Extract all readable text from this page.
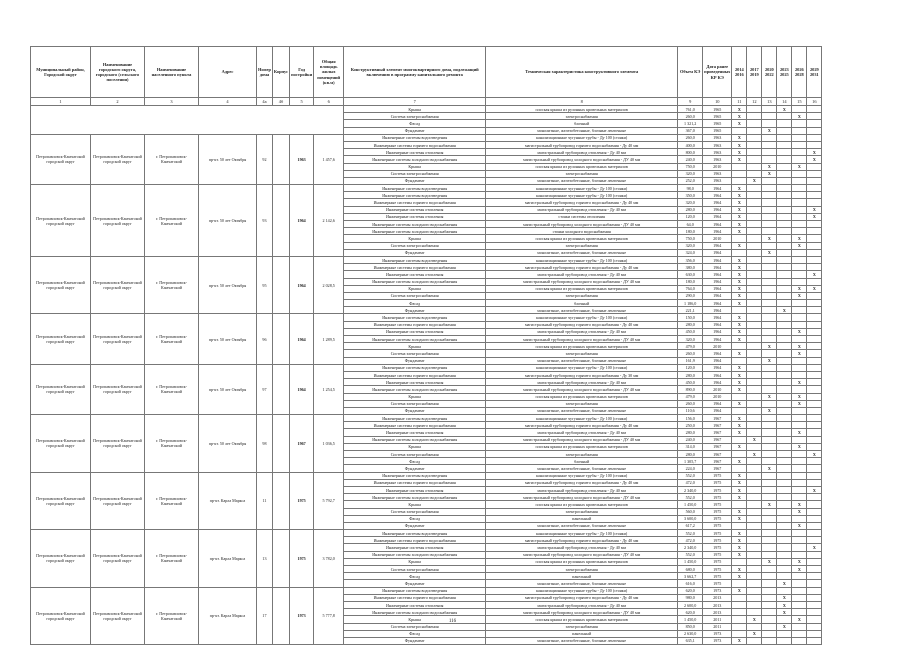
Муниципальный район, Городской округ	Наименование городского округа, городского (сельского поселения)	Наименование населенного пункта	Адрес	Номер дома	Корпус	Год постройки	Общая площадь жилых помещений (кв.м)	Конструктивный элемент многоквартирного дома, подлежащий включению в программу капитального ремонта	Техническая характеристика конструктивного элемента	Объем КЭ	Дата ранее проведенных КР КЭ	2014 2016	2017 2019	2020 2022	2023 2025	2026 2028	2029 2031
1	2	3	4	4а	4б	5	6	7	8	9	10	11	12	13	14	15	16
								Крыша	плоская крыша из рулонных кровельных материалов	761,0	1965	X			X		
								Система электроснабжения	электроснабжения	260,0	1965	X				X	
								Фасад	блочный	1 321,2	1965	X					
								Фундамент	монолитные, железобетонные, блочные ленточные	367,0	1965			X			
Петропавловск-Камчатский городской округ	Петропавловск-Камчатский городской округ	г. Петропавловск-Камчатский	пр-кт. 50 лет Октября	92		1963	1 457,6	Инженерные системы водоотведения	канализационные чугунные трубы - Ду 100 (стояки)	260,0	1963	X					
								Инженерные системы горячего водоснабжения	магистральный трубопровод горячего водоснабжения - Ду 40 мм	400,0	1963	X					
								Инженерные системы отопления	магистральный трубопровод отопления - Ду 40 мм	800,0	1963	X					X
								Инженерные системы холодного водоснабжения	магистральный трубопровод холодного водоснабжения - ДУ 40 мм	240,0	1963	X					X
								Крыша	плоская крыша из рулонных кровельных материалов	750,0	2010			X		X	
								Система электроснабжения	электроснабжения	320,0	1963			X			
								Фундамент	монолитные, железобетонные, блочные ленточные	252,0	1963		X				
Петропавловск-Камчатский городской округ	Петропавловск-Камчатский городской округ	г. Петропавловск-Камчатский	пр-кт. 50 лет Октября	93		1964	2 142,6	Инженерные системы водоотведения	канализационные чугунные трубы - Ду 100 (стояки)	98,0	1964	X					
								Инженерные системы водоотведения	канализационные чугунные трубы - Ду 100 (стояки)	350,0	1964	X					
								Инженерные системы горячего водоснабжения	магистральный трубопровод горячего водоснабжения - Ду 40 мм	320,0	1964	X					
								Инженерные системы отопления	магистральный трубопровод отопления - Ду 40 мм	280,0	1964	X					X
								Инженерные системы отопления	стояки системы отопления	120,0	1964	X					X
								Инженерные системы холодного водоснабжения	магистральный трубопровод холодного водоснабжения - ДУ 40 мм	64,0	1964	X					
								Инженерные системы холодного водоснабжения	стояки холодного водоснабжения	180,0	1964	X					
								Крыша	плоская крыша из рулонных кровельных материалов	750,0	2010			X		X	
								Система электроснабжения	электроснабжения	320,0	1964	X				X	
								Фундамент	монолитные, железобетонные, блочные ленточные	324,0	1964			X			
Петропавловск-Камчатский городской округ	Петропавловск-Камчатский городской округ	г. Петропавловск-Камчатский	пр-кт. 50 лет Октября	95		1964	2 028,5	Инженерные системы водоотведения	канализационные чугунные трубы - Ду 100 (стояки)	356,0	1964	X					
								Инженерные системы горячего водоснабжения	магистральный трубопровод горячего водоснабжения - Ду 40 мм	380,0	1964	X					
								Инженерные системы отопления	магистральный трубопровод отопления - Ду 40 мм	630,0	1964	X					X
								Инженерные системы холодного водоснабжения	магистральный трубопровод холодного водоснабжения - ДУ 40 мм	180,0	1964	X					
								Крыша	плоская крыша из рулонных кровельных материалов	764,0	1964	X				X	X
								Система электроснабжения	электроснабжения	290,0	1964	X				X	
								Фасад	блочный	1 186,0	1964	X					
								Фундамент	монолитные, железобетонные, блочные ленточные	221,1	1964				X		
Петропавловск-Камчатский городской округ	Петропавловск-Камчатский городской округ	г. Петропавловск-Камчатский	пр-кт. 50 лет Октября	96		1964	1 289,5	Инженерные системы водоотведения	канализационные чугунные трубы - Ду 100 (стояки)	150,0	1964	X					
								Инженерные системы горячего водоснабжения	магистральный трубопровод горячего водоснабжения - Ду 40 мм	280,0	1964	X					
								Инженерные системы отопления	магистральный трубопровод отопления - Ду 40 мм	450,0	1964	X				X	
								Инженерные системы холодного водоснабжения	магистральный трубопровод холодного водоснабжения - ДУ 40 мм	320,0	1964	X					
								Крыша	плоская крыша из рулонных кровельных материалов	479,0	2010			X		X	
								Система электроснабжения	электроснабжения	260,0	1964	X				X	
								Фундамент	монолитные, железобетонные, блочные ленточные	161,9	1964			X			
Петропавловск-Камчатский городской округ	Петропавловск-Камчатский городской округ	г. Петропавловск-Камчатский	пр-кт. 50 лет Октября	97		1964	1 254,5	Инженерные системы водоотведения	канализационные чугунные трубы - Ду 100 (стояки)	120,0	1964	X					
								Инженерные системы горячего водоснабжения	магистральный трубопровод горячего водоснабжения - Ду 30 мм	280,0	1964	X					
								Инженерные системы отопления	магистральный трубопровод отопления - Ду 40 мм	450,0	1964	X				X	
								Инженерные системы холодного водоснабжения	магистральный трубопровод холодного водоснабжения - ДУ 40 мм	890,0	2010	X					
								Крыша	плоская крыша из рулонных кровельных материалов	479,0	2010			X		X	
								Система электроснабжения	электроснабжения	260,0	1964	X				X	
								Фундамент	монолитные, железобетонные, блочные ленточные	110,6	1964			X			
Петропавловск-Камчатский городской округ	Петропавловск-Камчатский городской округ	г. Петропавловск-Камчатский	пр-кт. 50 лет Октября	98		1967	1 036,5	Инженерные системы водоотведения	канализационные чугунные трубы - Ду 100 (стояки)	156,0	1967	X					
								Инженерные системы горячего водоснабжения	магистральный трубопровод горячего водоснабжения - Ду 40 мм	250,0	1967	X					
								Инженерные системы отопления	магистральный трубопровод отопления - Ду 40 мм	280,0	1967	X				X	
								Инженерные системы холодного водоснабжения	магистральный трубопровод холодного водоснабжения - ДУ 40 мм	240,0	1967		X				
								Крыша	плоская крыша из рулонных кровельных материалов	314,0	1967	X				X	
								Система электроснабжения	электроснабжения	280,0	1967		X				X
								Фасад	блочный	1 305,7	1967	X					
								Фундамент	монолитные, железобетонные, блочные ленточные	224,0	1967			X			
Петропавловск-Камчатский городской округ	Петропавловск-Камчатский городской округ	г. Петропавловск-Камчатский	пр-кт. Карла Маркса	11		1975	5 792,7	Инженерные системы водоотведения	канализационные чугунные трубы - Ду 100 (стояки)	552,0	1975	X					
								Инженерные системы горячего водоснабжения	магистральный трубопровод горячего водоснабжения - Ду 40 мм	472,0	1975	X					
								Инженерные системы отопления	магистральный трубопровод отопления - Ду 40 мм	2 340,0	1975	X					X
								Инженерные системы холодного водоснабжения	магистральный трубопровод холодного водоснабжения - ДУ 40 мм	552,0	1975	X					
								Крыша	плоская крыша из рулонных кровельных материалов	1 450,0	1975			X		X	
								Система электроснабжения	электроснабжения	560,0	1975	X				X	
								Фасад	панельный	3 600,0	1975	X					
								Фундамент	монолитные, железобетонные, блочные ленточные	617,2	1975					X	
Петропавловск-Камчатский городской округ	Петропавловск-Камчатский городской округ	г. Петропавловск-Камчатский	пр-кт. Карла Маркса	13		1975	3 782,0	Инженерные системы водоотведения	канализационные чугунные трубы - Ду 100 (стояки)	552,0	1975	X					
								Инженерные системы горячего водоснабжения	магистральный трубопровод горячего водоснабжения - Ду 40 мм	472,0	1975	X					
								Инженерные системы отопления	магистральный трубопровод отопления - Ду 40 мм	2 340,0	1975	X					X
								Инженерные системы холодного водоснабжения	магистральный трубопровод холодного водоснабжения - ДУ 40 мм	552,0	1975	X					
								Крыша	плоская крыша из рулонных кровельных материалов	1 450,0	1975			X		X	
								Система электроснабжения	электроснабжения	680,0	1975	X				X	
								Фасад	панельный	3 662,7	1975	X					
								Фундамент	монолитные, железобетонные, блочные ленточные	616,0	1975				X		
Петропавловск-Камчатский городской округ	Петропавловск-Камчатский городской округ	г. Петропавловск-Камчатский	пр-кт. Карла Маркса	17		1973	5 777,8	Инженерные системы водоотведения	канализационные чугунные трубы - Ду 100 (стояки)	620,0	1973	X					
								Инженерные системы горячего водоснабжения	магистральный трубопровод горячего водоснабжения - Ду 40 мм	980,0	2013				X		
								Инженерные системы отопления	магистральный трубопровод отопления - Ду 40 мм	2 600,0	2013				X		
								Инженерные системы холодного водоснабжения	магистральный трубопровод холодного водоснабжения - ДУ 40 мм	620,0	2013				X		
								Крыша	плоская крыша из рулонных кровельных материалов	1 450,0	2011		X			X	
								Система электроснабжения	электроснабжения	850,0	2011				X		
								Фасад	панельный	2 630,0	1973		X				
								Фундамент	монолитные, железобетонные, блочные ленточные	635,1	1973	X					
116
